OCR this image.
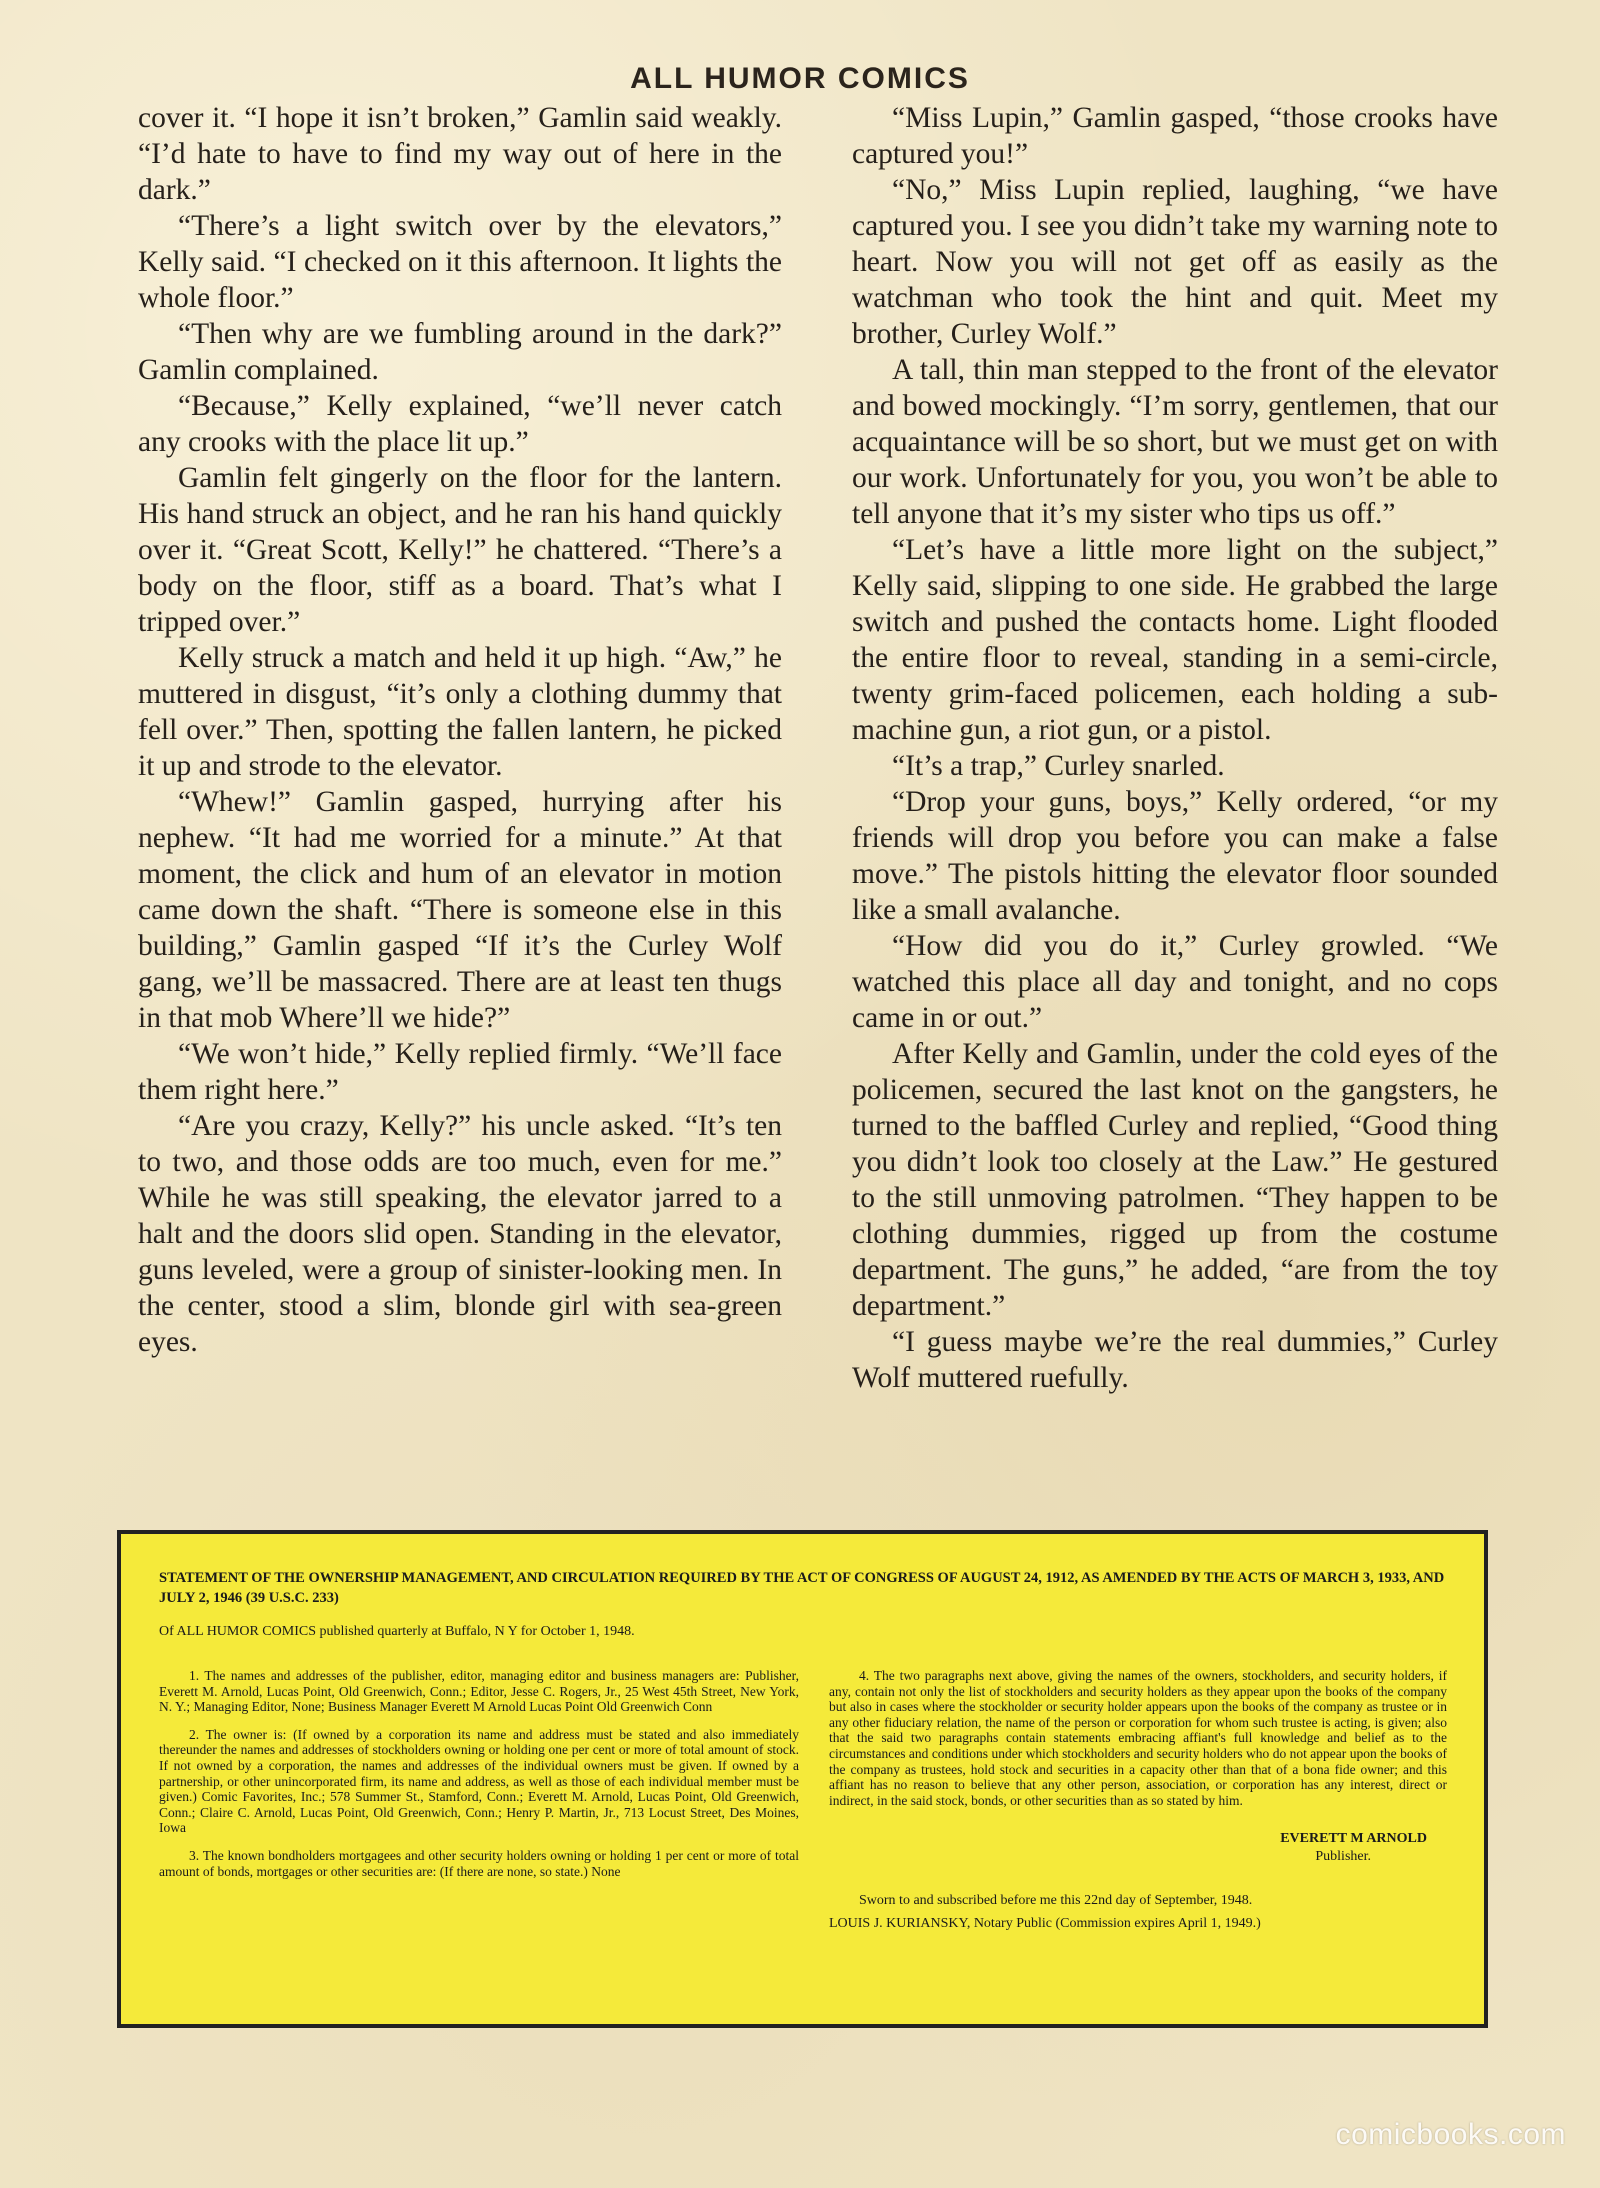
ALL HUMOR COMICS

cover it. “I hope it isn’t broken,” Gamlin said weakly. “I’d hate to have to find my way out of here in the dark.”

“There’s a light switch over by the elevators,” Kelly said. “I checked on it this afternoon. It lights the whole floor.”

“Then why are we fumbling around in the dark?” Gamlin complained.

“Because,” Kelly explained, “we’ll never catch any crooks with the place lit up.”

Gamlin felt gingerly on the floor for the lantern. His hand struck an object, and he ran his hand quickly over it. “Great Scott, Kelly!” he chattered. “There’s a body on the floor, stiff as a board. That’s what I tripped over.”

Kelly struck a match and held it up high. “Aw,” he muttered in disgust, “it’s only a clothing dummy that fell over.” Then, spotting the fallen lantern, he picked it up and strode to the elevator.

“Whew!” Gamlin gasped, hurrying after his nephew. “It had me worried for a minute.” At that moment, the click and hum of an elevator in motion came down the shaft. “There is someone else in this building,” Gamlin gasped “If it’s the Curley Wolf gang, we’ll be massacred. There are at least ten thugs in that mob Where’ll we hide?”

“We won’t hide,” Kelly replied firmly. “We’ll face them right here.”

“Are you crazy, Kelly?” his uncle asked. “It’s ten to two, and those odds are too much, even for me.” While he was still speaking, the elevator jarred to a halt and the doors slid open. Standing in the elevator, guns leveled, were a group of sinister-looking men. In the center, stood a slim, blonde girl with sea-green eyes.

“Miss Lupin,” Gamlin gasped, “those crooks have captured you!”

“No,” Miss Lupin replied, laughing, “we have captured you. I see you didn’t take my warning note to heart. Now you will not get off as easily as the watchman who took the hint and quit. Meet my brother, Curley Wolf.”

A tall, thin man stepped to the front of the elevator and bowed mockingly. “I’m sorry, gentlemen, that our acquaintance will be so short, but we must get on with our work. Unfortunately for you, you won’t be able to tell anyone that it’s my sister who tips us off.”

“Let’s have a little more light on the subject,” Kelly said, slipping to one side. He grabbed the large switch and pushed the contacts home. Light flooded the entire floor to reveal, standing in a semi-circle, twenty grim-faced policemen, each holding a sub-machine gun, a riot gun, or a pistol.

“It’s a trap,” Curley snarled.

“Drop your guns, boys,” Kelly ordered, “or my friends will drop you before you can make a false move.” The pistols hitting the elevator floor sounded like a small avalanche.

“How did you do it,” Curley growled. “We watched this place all day and tonight, and no cops came in or out.”

After Kelly and Gamlin, under the cold eyes of the policemen, secured the last knot on the gangsters, he turned to the baffled Curley and replied, “Good thing you didn’t look too closely at the Law.” He gestured to the still unmoving patrolmen. “They happen to be clothing dummies, rigged up from the costume department. The guns,” he added, “are from the toy department.”

“I guess maybe we’re the real dummies,” Curley Wolf muttered ruefully.

STATEMENT OF THE OWNERSHIP MANAGEMENT, AND CIRCULATION REQUIRED BY THE ACT OF CONGRESS OF AUGUST 24, 1912, AS AMENDED BY THE ACTS OF MARCH 3, 1933, AND JULY 2, 1946 (39 U.S.C. 233)
Of ALL HUMOR COMICS published quarterly at Buffalo, N Y for October 1, 1948.

1. The names and addresses of the publisher, editor, managing editor and business managers are: Publisher, Everett M. Arnold, Lucas Point, Old Greenwich, Conn.; Editor, Jesse C. Rogers, Jr., 25 West 45th Street, New York, N. Y.; Managing Editor, None; Business Manager Everett M Arnold Lucas Point Old Greenwich Conn

2. The owner is: (If owned by a corporation its name and address must be stated and also immediately thereunder the names and addresses of stockholders owning or holding one per cent or more of total amount of stock. If not owned by a corporation, the names and addresses of the individual owners must be given. If owned by a partnership, or other unincorporated firm, its name and address, as well as those of each individual member must be given.) Comic Favorites, Inc.; 578 Summer St., Stamford, Conn.; Everett M. Arnold, Lucas Point, Old Greenwich, Conn.; Claire C. Arnold, Lucas Point, Old Greenwich, Conn.; Henry P. Martin, Jr., 713 Locust Street, Des Moines, Iowa

3. The known bondholders mortgagees and other security holders owning or holding 1 per cent or more of total amount of bonds, mortgages or other securities are: (If there are none, so state.) None

4. The two paragraphs next above, giving the names of the owners, stockholders, and security holders, if any, contain not only the list of stockholders and security holders as they appear upon the books of the company but also in cases where the stockholder or security holder appears upon the books of the company as trustee or in any other fiduciary relation, the name of the person or corporation for whom such trustee is acting, is given; also that the said two paragraphs contain statements embracing affiant's full knowledge and belief as to the circumstances and conditions under which stockholders and security holders who do not appear upon the books of the company as trustees, hold stock and securities in a capacity other than that of a bona fide owner; and this affiant has no reason to believe that any other person, association, or corporation has any interest, direct or indirect, in the said stock, bonds, or other securities than as so stated by him.

EVERETT M ARNOLD
Publisher.
Sworn to and subscribed before me this 22nd day of September, 1948.
LOUIS J. KURIANSKY, Notary Public (Commission expires April 1, 1949.)
comicbooks.com
